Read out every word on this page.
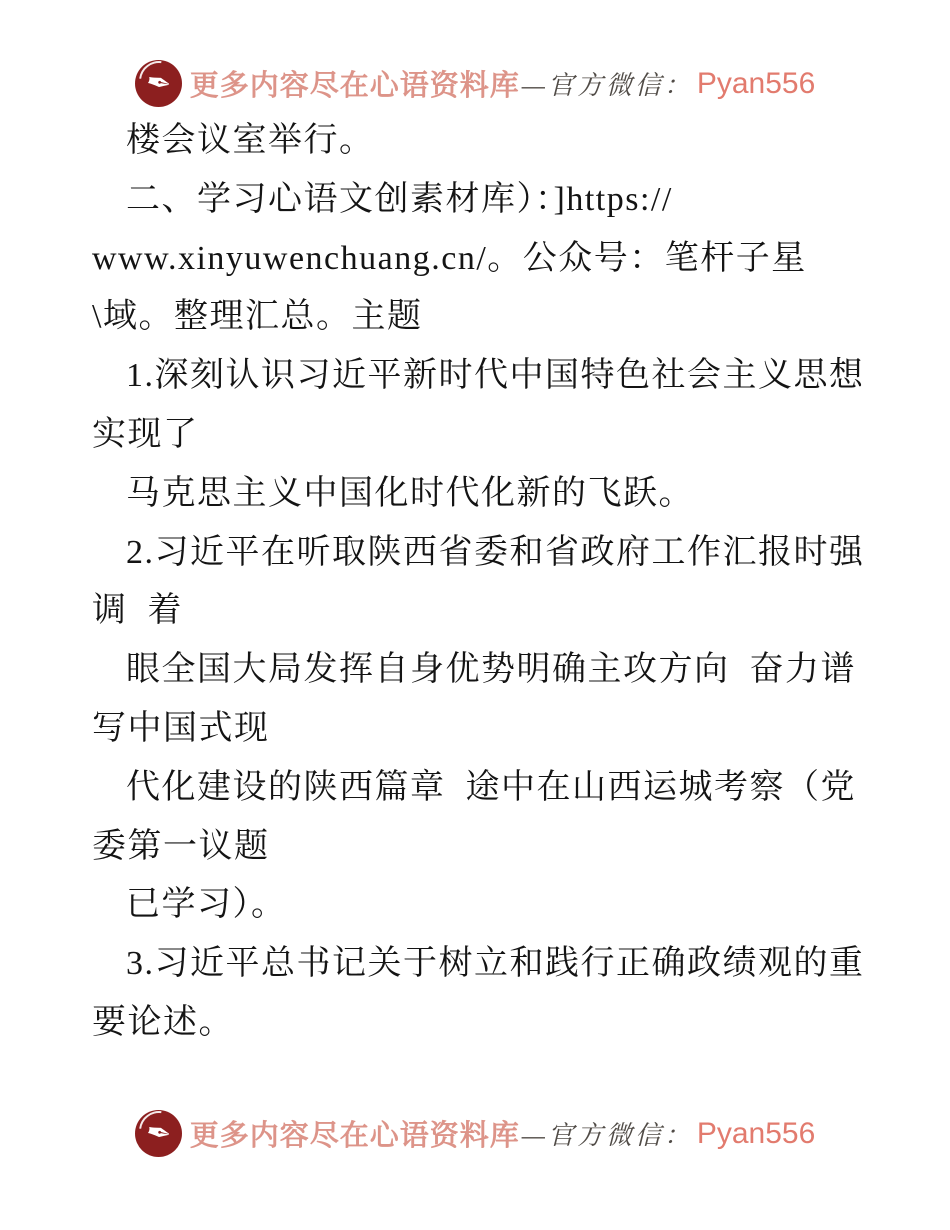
✒ 更多内容尽在心语资料库 —官方微信： Pyan556
楼会议室举行。
二、学习心语文创素材库）：]https://
www.xinyuwenchuang.cn/。公众号：笔杆子星
\域。整理汇总。主题
1.深刻认识习近平新时代中国特色社会主义思想
实现了
马克思主义中国化时代化新的飞跃。
2.习近平在听取陕西省委和省政府工作汇报时强
调  着
眼全国大局发挥自身优势明确主攻方向  奋力谱
写中国式现
代化建设的陕西篇章  途中在山西运城考察（党
委第一议题
已学习）。
3.习近平总书记关于树立和践行正确政绩观的重
要论述。
✒ 更多内容尽在心语资料库 —官方微信： Pyan556
